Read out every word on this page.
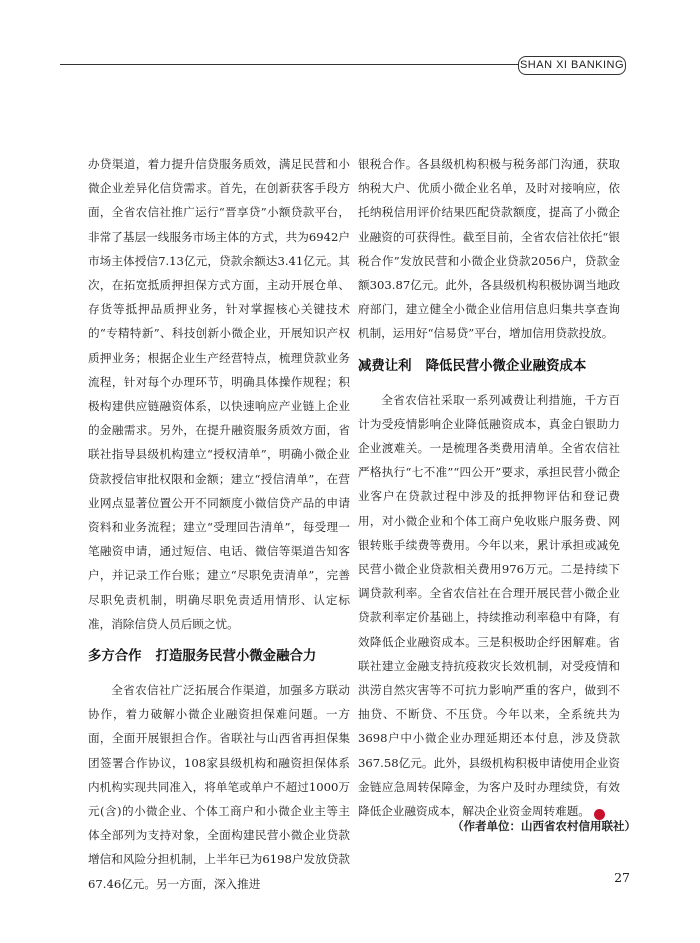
SHAN XI BANKING

办贷渠道，着力提升信贷服务质效，满足民营和小微企业差异化信贷需求。首先，在创新获客手段方面，全省农信社推广运行“晋享贷”小额贷款平台，非常了基层一线服务市场主体的方式，共为6942户市场主体授信7.13亿元，贷款余额达3.41亿元。其次，在拓宽抵质押担保方式方面，主动开展仓单、存货等抵押品质押业务，针对掌握核心关键技术的“专精特新”、科技创新小微企业，开展知识产权质押业务；根据企业生产经营特点，梳理贷款业务流程，针对每个办理环节，明确具体操作规程；积极构建供应链融资体系，以快速响应产业链上企业的金融需求。另外，在提升融资服务质效方面，省联社指导县级机构建立“授权清单”，明确小微企业贷款授信审批权限和金额；建立“授信清单”，在营业网点显著位置公开不同额度小微信贷产品的申请资料和业务流程；建立“受理回告清单”，每受理一笔融资申请，通过短信、电话、微信等渠道告知客户，并记录工作台账；建立“尽职免责清单”，完善尽职免责机制，明确尽职免责适用情形、认定标准，消除信贷人员后顾之忧。

多方合作 打造服务民营小微金融合力

全省农信社广泛拓展合作渠道，加强多方联动协作，着力破解小微企业融资担保难问题。一方面，全面开展银担合作。省联社与山西省再担保集团签署合作协议，108家县级机构和融资担保体系内机构实现共同准入，将单笔或单户不超过1000万元(含)的小微企业、个体工商户和小微企业主等主体全部列为支持对象，全面构建民营小微企业贷款增信和风险分担机制，上半年已为6198户发放贷款67.46亿元。另一方面，深入推进

银税合作。各县级机构积极与税务部门沟通，获取纳税大户、优质小微企业名单，及时对接响应，依托纳税信用评价结果匹配贷款额度，提高了小微企业融资的可获得性。截至目前，全省农信社依托“银税合作”发放民营和小微企业贷款2056户，贷款金额303.87亿元。此外，各县级机构积极协调当地政府部门，建立健全小微企业信用信息归集共享查询机制，运用好“信易贷”平台，增加信用贷款投放。

减费让利 降低民营小微企业融资成本

全省农信社采取一系列减费让利措施，千方百计为受疫情影响企业降低融资成本，真金白银助力企业渡难关。一是梳理各类费用清单。全省农信社严格执行“七不准”“四公开”要求，承担民营小微企业客户在贷款过程中涉及的抵押物评估和登记费用，对小微企业和个体工商户免收账户服务费、网银转账手续费等费用。今年以来，累计承担或减免民营小微企业贷款相关费用976万元。二是持续下调贷款利率。全省农信社在合理开展民营小微企业贷款利率定价基础上，持续推动利率稳中有降，有效降低企业融资成本。三是积极助企纾困解难。省联社建立金融支持抗疫救灾长效机制，对受疫情和洪涝自然灾害等不可抗力影响严重的客户，做到不抽贷、不断贷、不压贷。今年以来，全系统共为3698户中小微企业办理延期还本付息，涉及贷款367.58亿元。此外，县级机构积极申请使用企业资金链应急周转保障金，为客户及时办理续贷，有效降低企业融资成本，解决企业资金周转难题。	晋

（作者单位：山西省农村信用联社）
27
